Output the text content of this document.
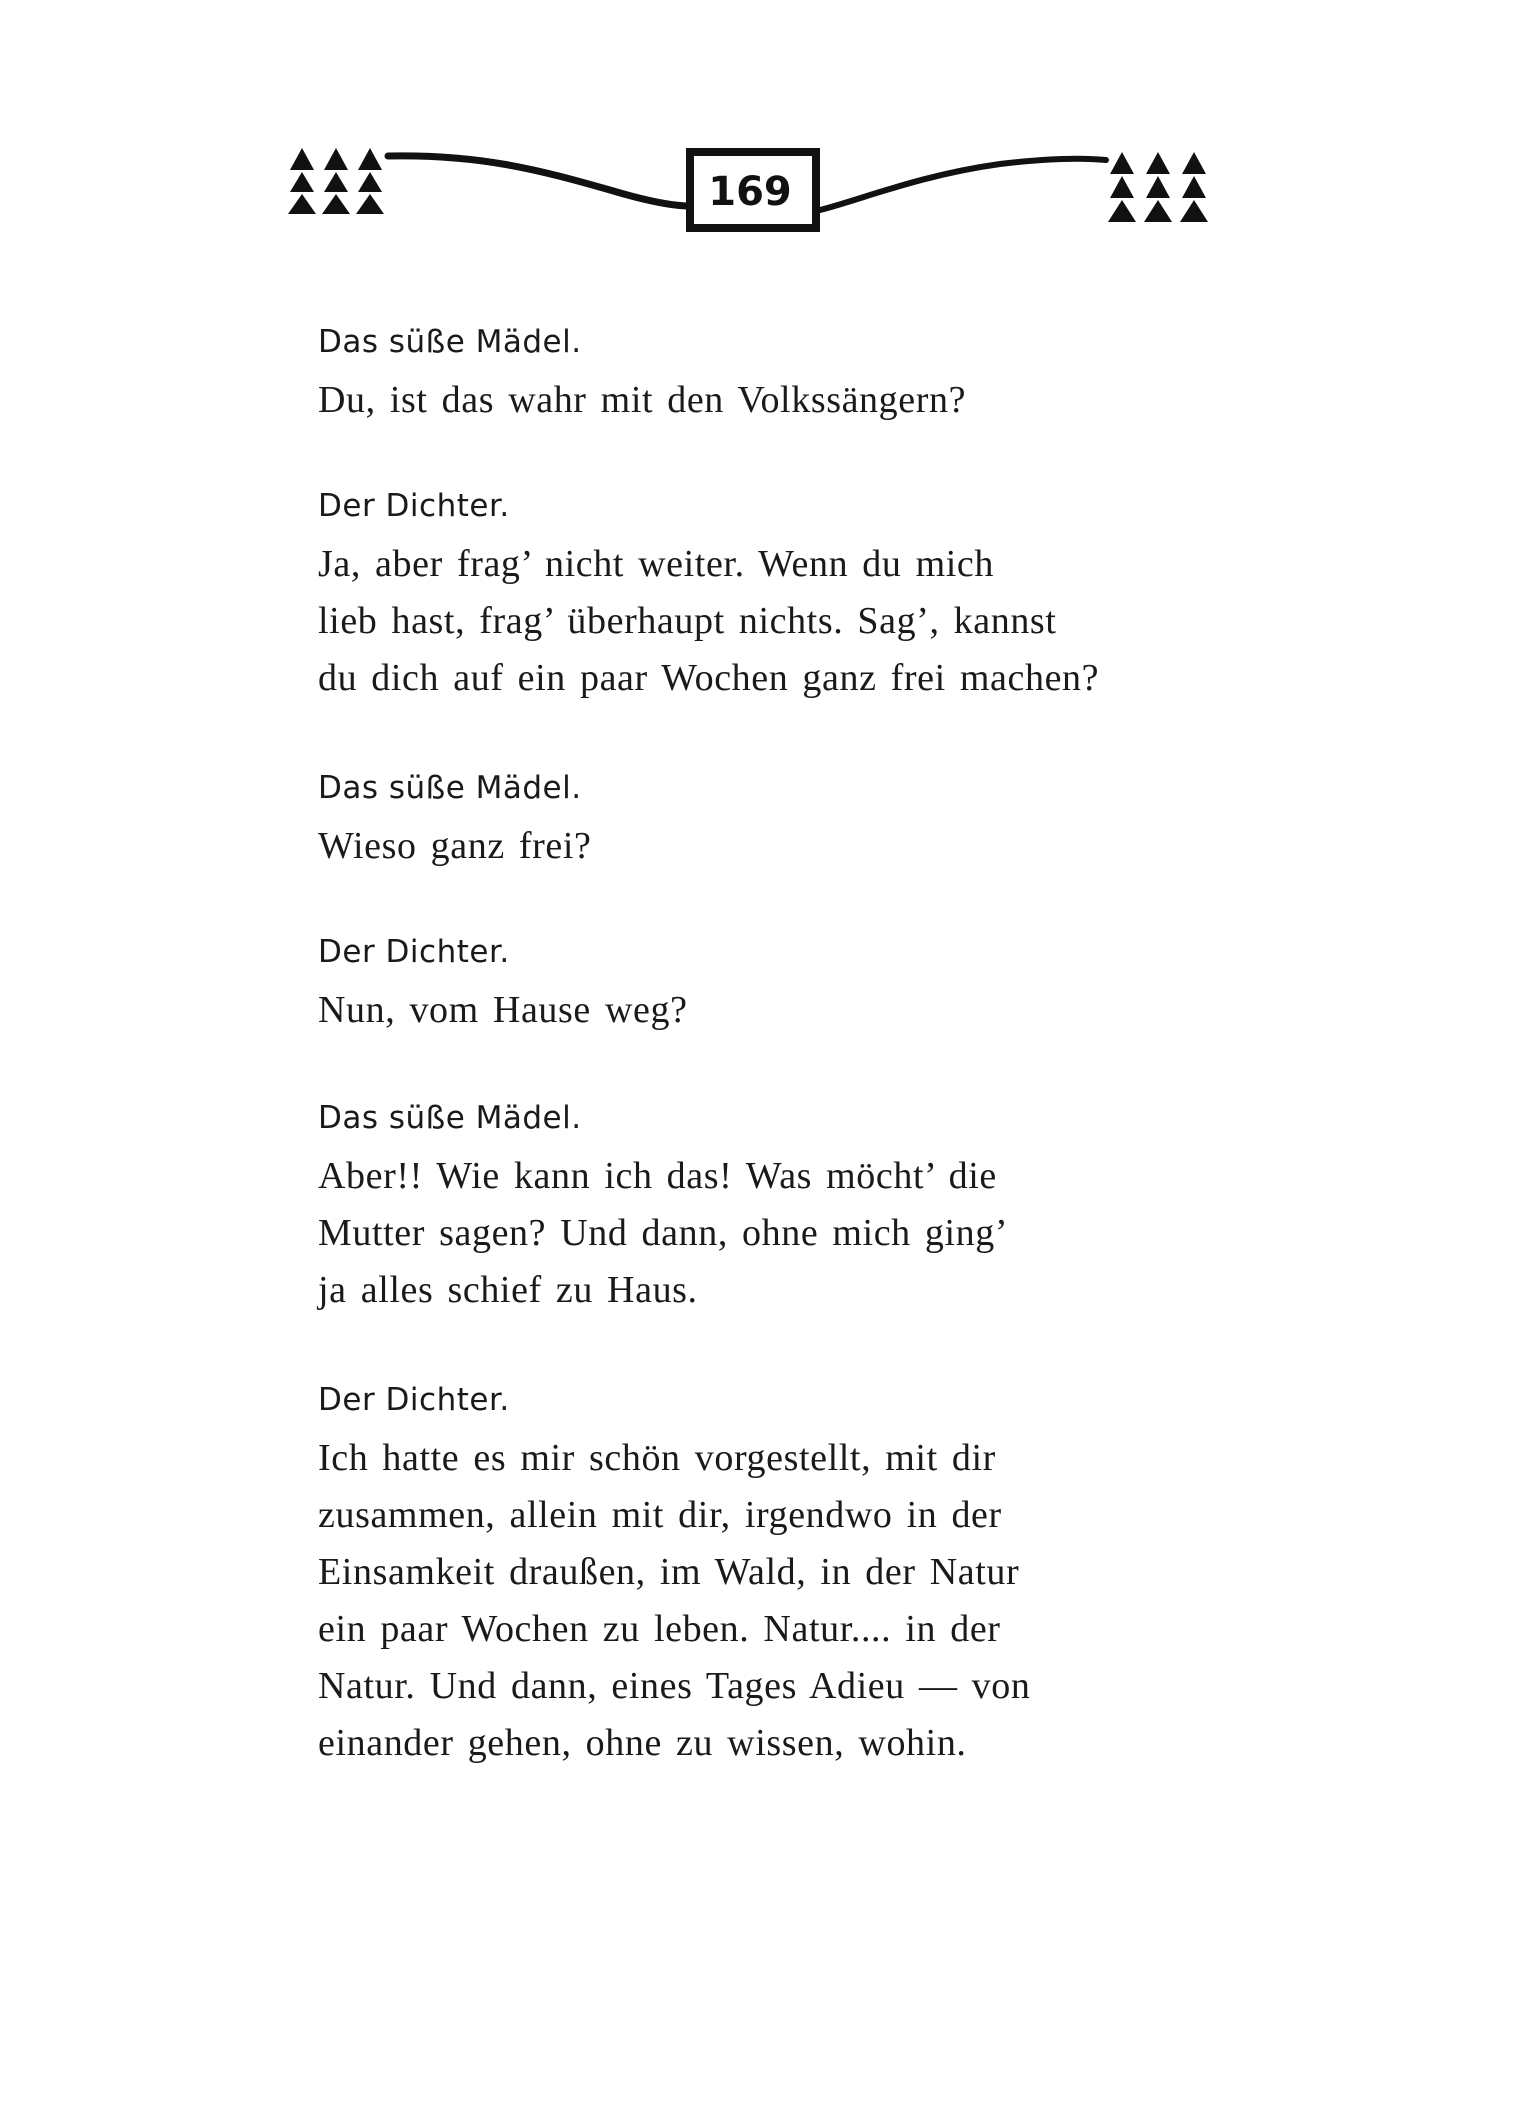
169

Das süße Mädel.

Du, ist das wahr mit den Volkssängern?

Der Dichter.

Ja, aber frag’ nicht weiter. Wenn du mich

lieb hast, frag’ überhaupt nichts. Sag’, kannst

du dich auf ein paar Wochen ganz frei machen?

Das süße Mädel.

Wieso ganz frei?

Der Dichter.

Nun, vom Hause weg?

Das süße Mädel.

Aber!! Wie kann ich das! Was möcht’ die

Mutter sagen? Und dann, ohne mich ging’

ja alles schief zu Haus.

Der Dichter.

Ich hatte es mir schön vorgestellt, mit dir

zusammen, allein mit dir, irgendwo in der

Einsamkeit draußen, im Wald, in der Natur

ein paar Wochen zu leben. Natur.... in der

Natur. Und dann, eines Tages Adieu — von

einander gehen, ohne zu wissen, wohin.
